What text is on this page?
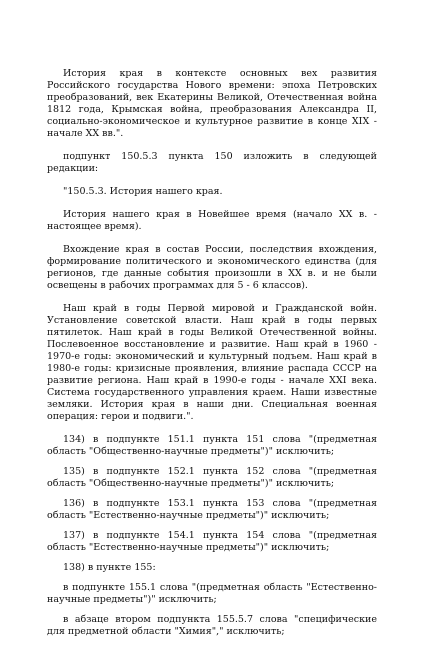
История края в контексте основных вех развития Российского государства Нового времени: эпоха Петровских преобразований, век Екатерины Великой, Отечественная война 1812 года, Крымская война, преобразования Александра II, социально-экономическое и культурное развитие в конце XIX - начале XX вв.".

подпункт 150.5.3 пункта 150 изложить в следующей редакции:

"150.5.3. История нашего края.

История нашего края в Новейшее время (начало XX в. - настоящее время).

Вхождение края в состав России, последствия вхождения, формирование политического и экономического единства (для регионов, где данные события произошли в XX в. и не были освещены в рабочих программах для 5 - 6 классов).

Наш край в годы Первой мировой и Гражданской войн. Установление советской власти. Наш край в годы первых пятилеток. Наш край в годы Великой Отечественной войны. Послевоенное восстановление и развитие. Наш край в 1960 - 1970-е годы: экономический и культурный подъем. Наш край в 1980-е годы: кризисные проявления, влияние распада СССР на развитие региона. Наш край в 1990-е годы - начале XXI века. Система государственного управления краем. Наши известные земляки. История края в наши дни. Специальная военная операция: герои и подвиги.".

134) в подпункте 151.1 пункта 151 слова "(предметная область "Общественно-научные предметы")" исключить;

135) в подпункте 152.1 пункта 152 слова "(предметная область "Общественно-научные предметы")" исключить;

136) в подпункте 153.1 пункта 153 слова "(предметная область "Естественно-научные предметы")" исключить;

137) в подпункте 154.1 пункта 154 слова "(предметная область "Естественно-научные предметы")" исключить;

138) в пункте 155:

в подпункте 155.1 слова "(предметная область "Естественно-научные предметы")" исключить;

в абзаце втором подпункта 155.5.7 слова "специфические для предметной области "Химия"," исключить;
